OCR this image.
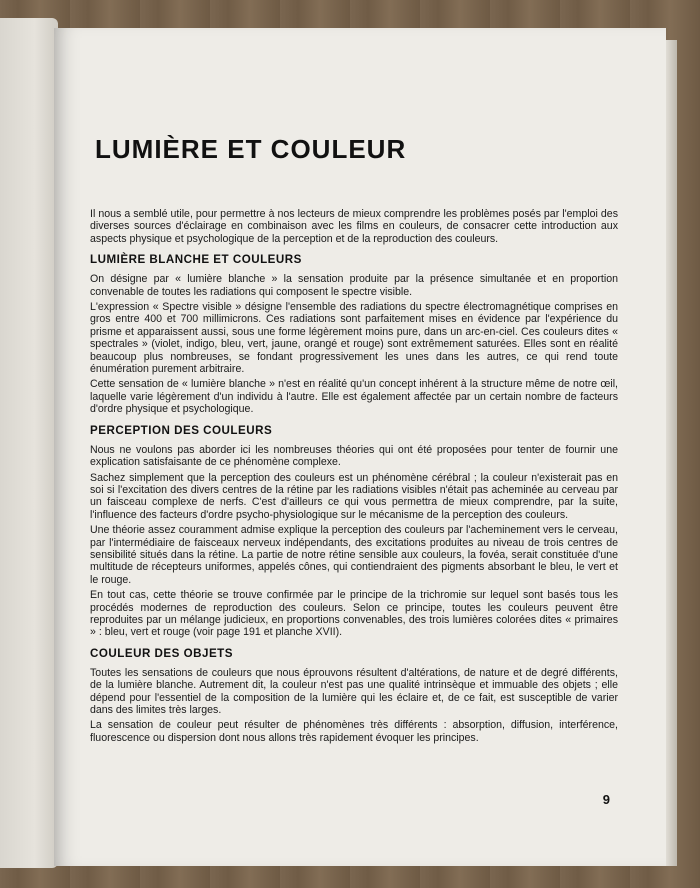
LUMIÈRE ET COULEUR

Il nous a semblé utile, pour permettre à nos lecteurs de mieux comprendre les problèmes posés par l'emploi des diverses sources d'éclairage en combinaison avec les films en couleurs, de consacrer cette introduction aux aspects physique et psychologique de la perception et de la reproduction des couleurs.

LUMIÈRE BLANCHE ET COULEURS

On désigne par « lumière blanche » la sensation produite par la présence simultanée et en proportion convenable de toutes les radiations qui composent le spectre visible.

L'expression « Spectre visible » désigne l'ensemble des radiations du spectre électromagnétique comprises en gros entre 400 et 700 millimicrons. Ces radiations sont parfaitement mises en évidence par l'expérience du prisme et apparaissent aussi, sous une forme légèrement moins pure, dans un arc-en-ciel. Ces couleurs dites « spectrales » (violet, indigo, bleu, vert, jaune, orangé et rouge) sont extrêmement saturées. Elles sont en réalité beaucoup plus nombreuses, se fondant progressivement les unes dans les autres, ce qui rend toute énumération purement arbitraire.

Cette sensation de « lumière blanche » n'est en réalité qu'un concept inhérent à la structure même de notre œil, laquelle varie légèrement d'un individu à l'autre. Elle est également affectée par un certain nombre de facteurs d'ordre physique et psychologique.

PERCEPTION DES COULEURS

Nous ne voulons pas aborder ici les nombreuses théories qui ont été proposées pour tenter de fournir une explication satisfaisante de ce phénomène complexe.

Sachez simplement que la perception des couleurs est un phénomène cérébral ; la couleur n'existerait pas en soi si l'excitation des divers centres de la rétine par les radiations visibles n'était pas acheminée au cerveau par un faisceau complexe de nerfs. C'est d'ailleurs ce qui vous permettra de mieux comprendre, par la suite, l'influence des facteurs d'ordre psycho-physiologique sur le mécanisme de la perception des couleurs.

Une théorie assez couramment admise explique la perception des couleurs par l'acheminement vers le cerveau, par l'intermédiaire de faisceaux nerveux indépendants, des excitations produites au niveau de trois centres de sensibilité situés dans la rétine. La partie de notre rétine sensible aux couleurs, la fovéa, serait constituée d'une multitude de récepteurs uniformes, appelés cônes, qui contiendraient des pigments absorbant le bleu, le vert et le rouge.

En tout cas, cette théorie se trouve confirmée par le principe de la trichromie sur lequel sont basés tous les procédés modernes de reproduction des couleurs. Selon ce principe, toutes les couleurs peuvent être reproduites par un mélange judicieux, en proportions convenables, des trois lumières colorées dites « primaires » : bleu, vert et rouge (voir page 191 et planche XVII).

COULEUR DES OBJETS

Toutes les sensations de couleurs que nous éprouvons résultent d'altérations, de nature et de degré différents, de la lumière blanche. Autrement dit, la couleur n'est pas une qualité intrinsèque et immuable des objets ; elle dépend pour l'essentiel de la composition de la lumière qui les éclaire et, de ce fait, est susceptible de varier dans des limites très larges.

La sensation de couleur peut résulter de phénomènes très différents : absorption, diffusion, interférence, fluorescence ou dispersion dont nous allons très rapidement évoquer les principes.

9
